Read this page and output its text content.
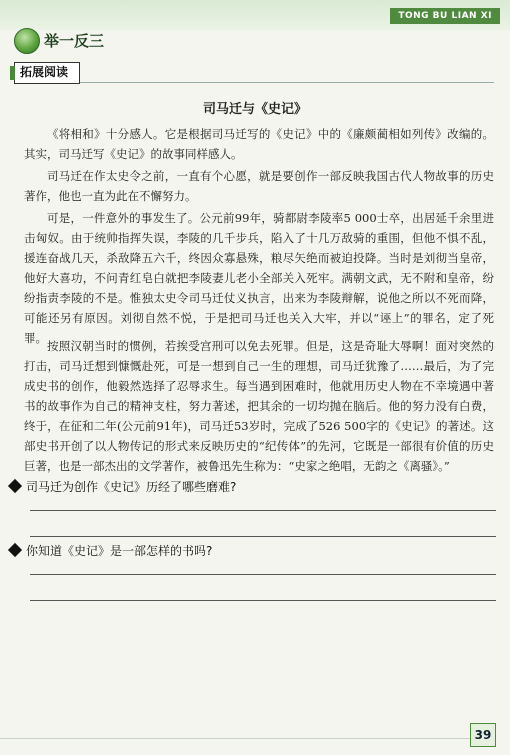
TONG BU LIAN XI
举一反三
拓展阅读
司马迁与《史记》

《将相和》十分感人。它是根据司马迁写的《史记》中的《廉颇蔺相如列传》改编的。其实，司马迁写《史记》的故事同样感人。

司马迁在作太史令之前，一直有个心愿，就是要创作一部反映我国古代人物故事的历史著作，他也一直为此在不懈努力。

可是，一件意外的事发生了。公元前99年，骑都尉李陵率5 000士卒，出居延千余里进击匈奴。由于统帅指挥失误，李陵的几千步兵，陷入了十几万敌骑的重围，但他不惧不乱，援连奋战几天，杀敌降五六千，终因众寡悬殊，粮尽矢绝而被迫投降。当时是刘彻当皇帝，他好大喜功，不问青红皂白就把李陵妻儿老小全部关入死牢。满朝文武，无不附和皇帝，纷纷指责李陵的不是。惟独太史令司马迁仗义执言，出来为李陵辩解，说他之所以不死而降，可能还另有原因。刘彻自然不悦，于是把司马迁也关入大牢，并以“诬上”的罪名，定了死罪。

按照汉朝当时的惯例，若挨受宫刑可以免去死罪。但是，这是奇耻大辱啊！面对突然的打击，司马迁想到慷慨赴死，可是一想到自己一生的理想，司马迁犹豫了……最后，为了完成史书的创作，他毅然选择了忍辱求生。每当遇到困难时，他就用历史人物在不幸境遇中著书的故事作为自己的精神支柱，努力著述，把其余的一切均抛在脑后。他的努力没有白费，终于，在征和二年(公元前91年)，司马迁53岁时，完成了526 500字的《史记》的著述。这部史书开创了以人物传记的形式来反映历史的“纪传体”的先河，它既是一部很有价值的历史巨著，也是一部杰出的文学著作，被鲁迅先生称为：“史家之绝唱，无韵之《离骚》。”

司马迁为创作《史记》历经了哪些磨难?
你知道《史记》是一部怎样的书吗?
39
